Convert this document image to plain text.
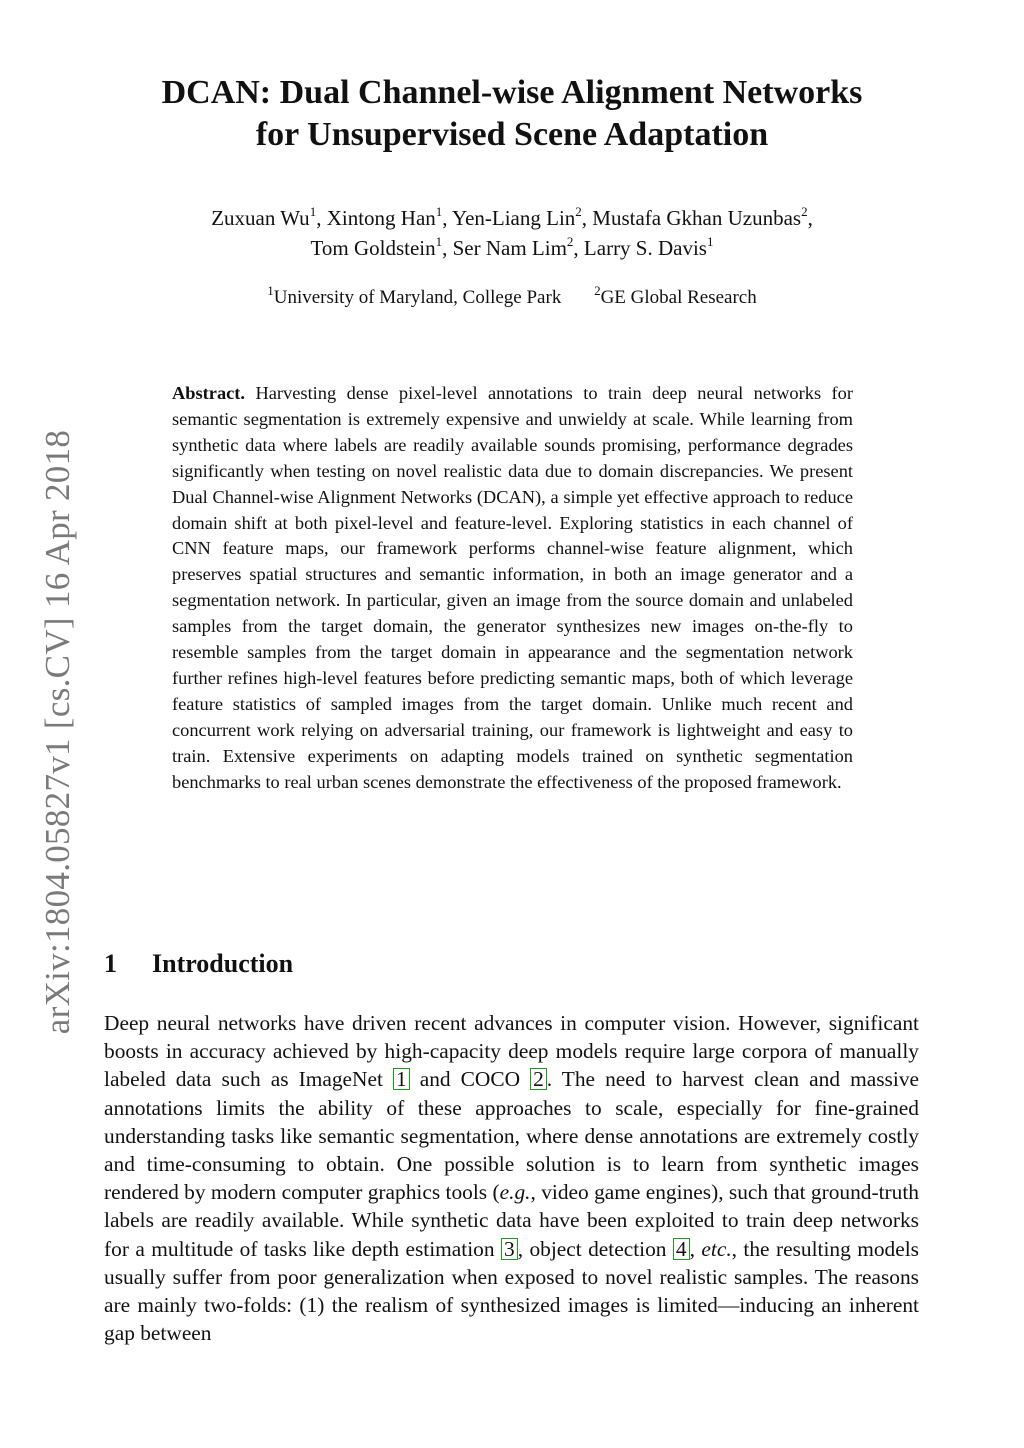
arXiv:1804.05827v1 [cs.CV] 16 Apr 2018
DCAN: Dual Channel-wise Alignment Networks
for Unsupervised Scene Adaptation
Zuxuan Wu$^1$, Xintong Han$^1$, Yen-Liang Lin$^2$, Mustafa Gkhan Uzunbas$^2$,
Tom Goldstein$^1$, Ser Nam Lim$^2$, Larry S. Davis$^1$
$^1$University of Maryland, College Park	$^2$GE Global Research
Abstract. Harvesting dense pixel-level annotations to train deep neural networks for semantic segmentation is extremely expensive and unwieldy at scale. While learning from synthetic data where labels are readily available sounds promising, performance degrades significantly when testing on novel realistic data due to domain discrepancies. We present Dual Channel-wise Alignment Networks (DCAN), a simple yet effective approach to reduce domain shift at both pixel-level and feature-level. Exploring statistics in each channel of CNN feature maps, our framework performs channel-wise feature alignment, which preserves spatial structures and semantic information, in both an image generator and a segmentation network. In particular, given an image from the source domain and unlabeled samples from the target domain, the generator synthesizes new images on-the-fly to resemble samples from the target domain in appearance and the segmentation network further refines high-level features before predicting semantic maps, both of which leverage feature statistics of sampled images from the target domain. Unlike much recent and concurrent work relying on adversarial training, our framework is lightweight and easy to train. Extensive experiments on adapting models trained on synthetic segmentation benchmarks to real urban scenes demonstrate the effectiveness of the proposed framework.
1 Introduction
Deep neural networks have driven recent advances in computer vision. However, significant boosts in accuracy achieved by high-capacity deep models require large corpora of manually labeled data such as ImageNet 1 and COCO 2 . The need to harvest clean and massive annotations limits the ability of these approaches to scale, especially for fine-grained understanding tasks like semantic segmentation, where dense annotations are extremely costly and time-consuming to obtain. One possible solution is to learn from synthetic images rendered by modern computer graphics tools (e.g., video game engines), such that ground-truth labels are readily available. While synthetic data have been exploited to train deep networks for a multitude of tasks like depth estimation 3 , object detection 4 , etc., the resulting models usually suffer from poor generalization when exposed to novel realistic samples. The reasons are mainly two-folds: (1) the realism of synthesized images is limited—inducing an inherent gap between
